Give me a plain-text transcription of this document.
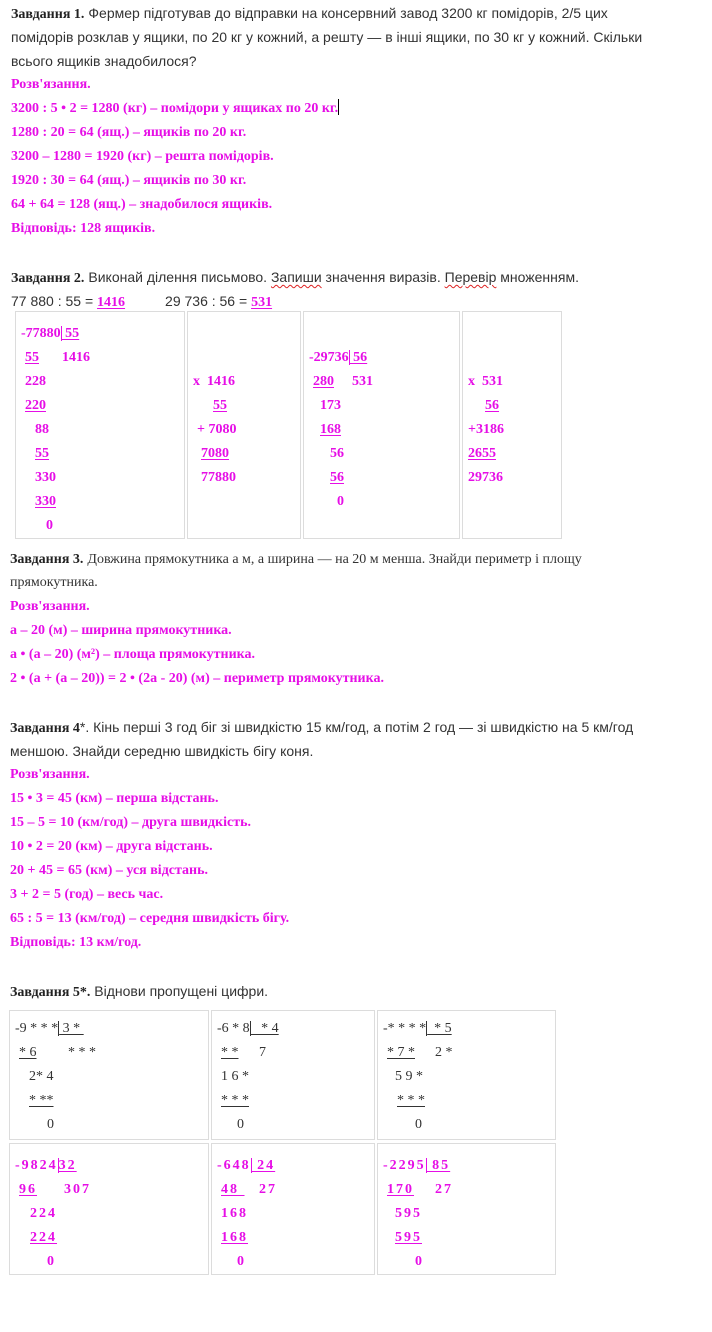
Завдання 1. Фермер підготував до відправки на консервний завод 3200 кг помідорів, 2/5 цих
помідорів розклав у ящики, по 20 кг у кожний, а решту — в інші ящики, по 30 кг у кожний. Скільки
всього ящиків знадобилося?
Розв'язання.
3200 : 5 • 2 = 1280 (кг) – помідори у ящиках по 20 кг.
1280 : 20 = 64 (ящ.) – ящиків по 20 кг.
3200 – 1280 = 1920 (кг) – решта помідорів.
1920 : 30 = 64 (ящ.) – ящиків по 30 кг.
64 + 64 = 128 (ящ.) – знадобилося ящиків.
Відповідь: 128 ящиків.
Завдання 2. Виконай ділення письмово. Запиши значення виразів. Перевір множенням.
77 880 : 55 = 1416	29 736 : 56 = 531
-77880 55
55	1416
228
220
88
55
330
330
0
x  1416
55
+ 7080
7080
77880
-29736 56
280 531
173
168
56
56
0
x  531
56
+3186
2655
29736
Завдання 3. Довжина прямокутника а м, а ширина — на 20 м менша. Знайди периметр і площу
прямокутника.
Розв'язання.
а – 20 (м) – ширина прямокутника.
а • (а – 20) (м²) – площа прямокутника.
2 • (а + (а – 20)) = 2 • (2а - 20) (м) – периметр прямокутника.
Завдання 4*. Кінь перші 3 год біг зі швидкістю 15 км/год, а потім 2 год — зі швидкістю на 5 км/год
меншою. Знайди середню швидкість бігу коня.
Розв'язання.
15 • 3 = 45 (км) – перша відстань.
15 – 5 = 10 (км/год) – друга швидкість.
10 • 2 = 20 (км) – друга відстань.
20 + 45 = 65 (км) – уся відстань.
3 + 2 = 5 (год) – весь час.
65 : 5 = 13 (км/год) – середня швидкість бігу.
Відповідь: 13 км/год.
Завдання 5*. Віднови пропущені цифри.
-9 * * * 3 *
* 6 * * *
2* 4
* **
0
-6 * 8   * 4
* * 7
1 6 *
* * *
0
-* * * *  * 5
* 7 * 2 *
5 9 *
* * *
0
-982432
96 307
224
224
0
-648 24
48 27
168
168
0
-2295 85
170 27
595
595
0
